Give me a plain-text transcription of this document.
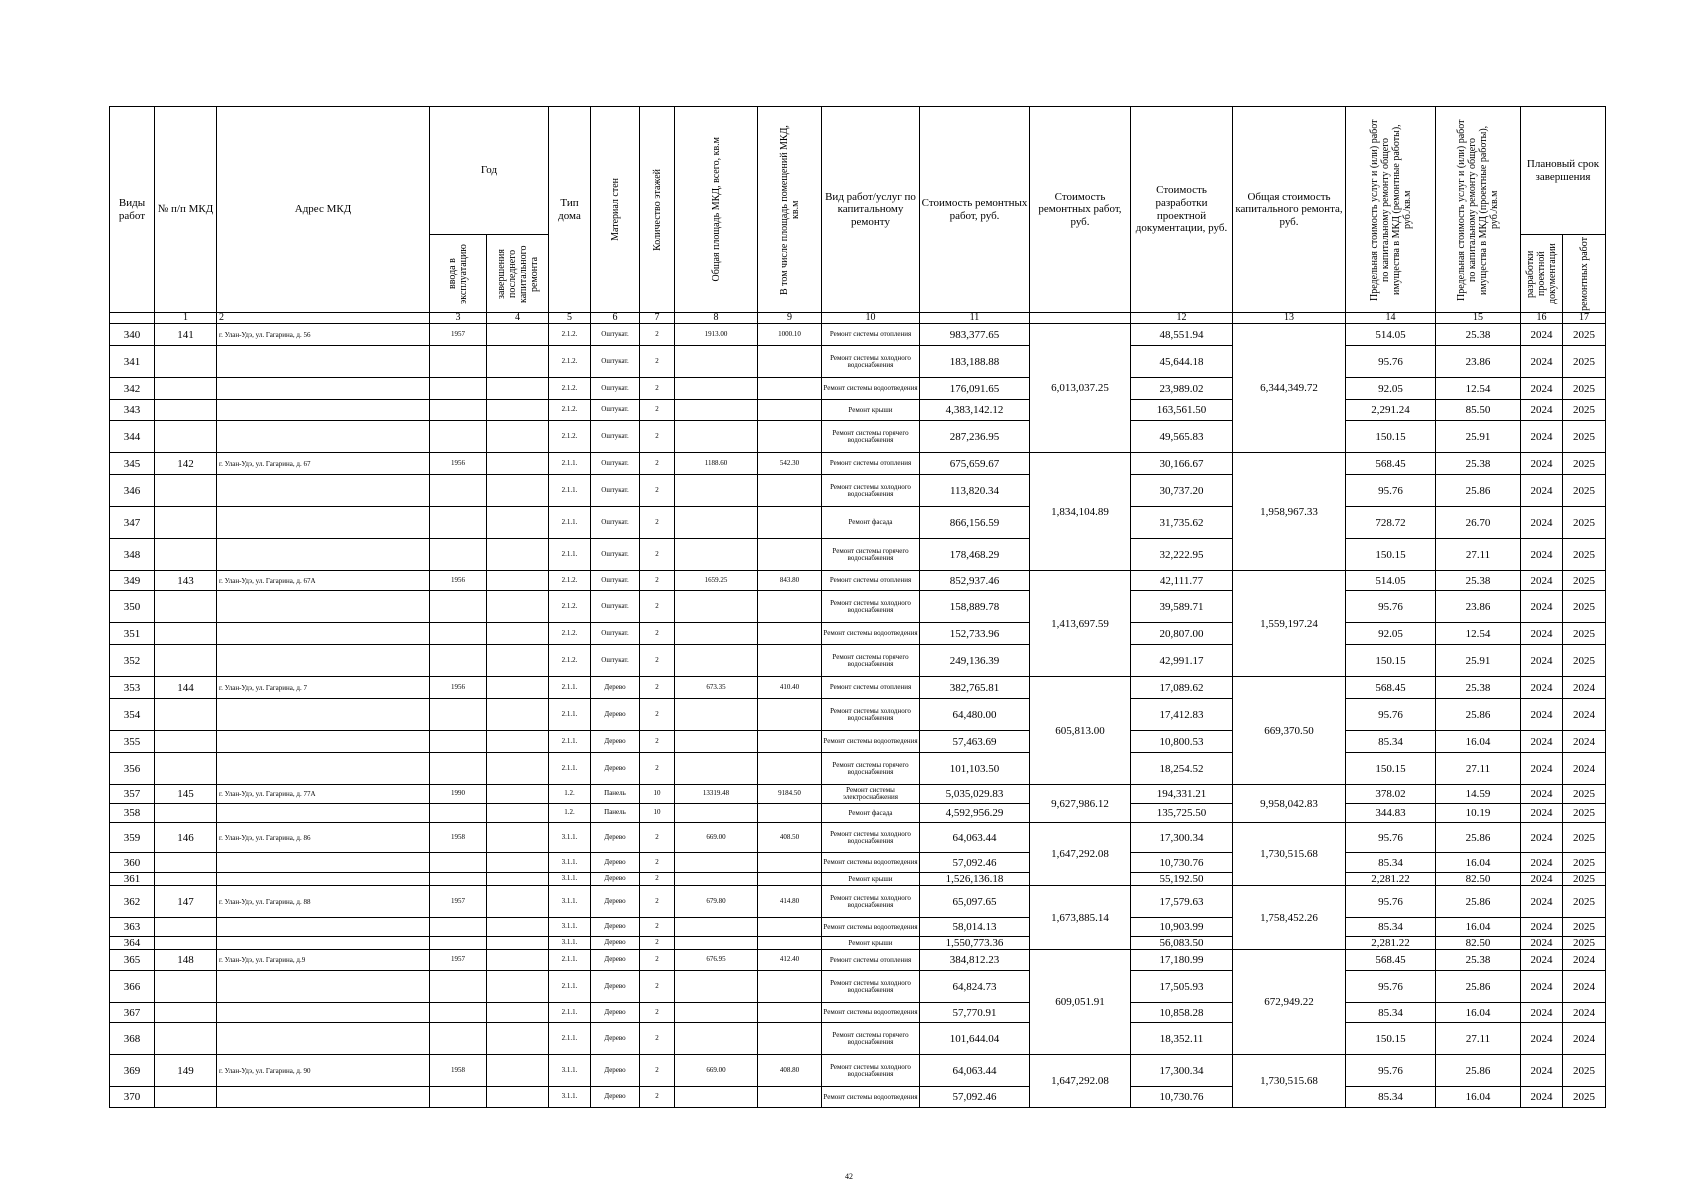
Виды работ	№ п/п МКД	Адрес МКД	Год		Тип дома	Материал стен	Количество этажей	Общая площадь МКД, всего, кв.м	В том числе площадь помещений МКД, кв.м	Вид работ/услуг по капитальному ремонту	Стоимость ремонтных работ, руб.	Стоимость ремонтных работ, руб.	Стоимость разработки проектной документации, руб.	Общая стоимость капитального ремонта, руб.	Предельная стоимость услуг и (или) работ по капитальному ремонту общего имущества в МКД (ремонтные работы), руб./кв.м	Предельная стоимость услуг и (или) работ по капитальному ремонту общего имущества в МКД (проектные работы), руб./кв.м	Плановый срок завершения	

			ввода в эксплуатацию	завершения последнего капитального ремонта													разработки проектной документации	ремонтных работ

	1	2	3	4	5	6	7	8	9	10	11		12	13	14	15	16	17
340	141	г. Улан-Удэ, ул. Гагарина, д. 56	1957		2.1.2.	Оштукат.	2	1913.00	1000.10	Ремонт системы отопления	983,377.65	6,013,037.25	48,551.94	6,344,349.72	514.05	25.38	2024	2025
341					2.1.2.	Оштукат.	2			Ремонт системы холодного водоснабжения	183,188.88		45,644.18		95.76	23.86	2024	2025
342					2.1.2.	Оштукат.	2			Ремонт системы водоотведения	176,091.65		23,989.02		92.05	12.54	2024	2025
343					2.1.2.	Оштукат.	2			Ремонт крыши	4,383,142.12		163,561.50		2,291.24	85.50	2024	2025
344					2.1.2.	Оштукат.	2			Ремонт системы горячего водоснабжения	287,236.95		49,565.83		150.15	25.91	2024	2025
345	142	г. Улан-Удэ, ул. Гагарина, д. 67	1956		2.1.1.	Оштукат.	2	1188.60	542.30	Ремонт системы отопления	675,659.67	1,834,104.89	30,166.67	1,958,967.33	568.45	25.38	2024	2025
346					2.1.1.	Оштукат.	2			Ремонт системы холодного водоснабжения	113,820.34		30,737.20		95.76	25.86	2024	2025
347					2.1.1.	Оштукат.	2			Ремонт фасада	866,156.59		31,735.62		728.72	26.70	2024	2025
348					2.1.1.	Оштукат.	2			Ремонт системы горячего водоснабжения	178,468.29		32,222.95		150.15	27.11	2024	2025
349	143	г. Улан-Удэ, ул. Гагарина, д. 67А	1956		2.1.2.	Оштукат.	2	1659.25	843.80	Ремонт системы отопления	852,937.46	1,413,697.59	42,111.77	1,559,197.24	514.05	25.38	2024	2025
350					2.1.2.	Оштукат.	2			Ремонт системы холодного водоснабжения	158,889.78		39,589.71		95.76	23.86	2024	2025
351					2.1.2.	Оштукат.	2			Ремонт системы водоотведения	152,733.96		20,807.00		92.05	12.54	2024	2025
352					2.1.2.	Оштукат.	2			Ремонт системы горячего водоснабжения	249,136.39		42,991.17		150.15	25.91	2024	2025
353	144	г. Улан-Удэ, ул. Гагарина, д. 7	1956		2.1.1.	Дерево	2	673.35	410.40	Ремонт системы отопления	382,765.81	605,813.00	17,089.62	669,370.50	568.45	25.38	2024	2024
354					2.1.1.	Дерево	2			Ремонт системы холодного водоснабжения	64,480.00		17,412.83		95.76	25.86	2024	2024
355					2.1.1.	Дерево	2			Ремонт системы водоотведения	57,463.69		10,800.53		85.34	16.04	2024	2024
356					2.1.1.	Дерево	2			Ремонт системы горячего водоснабжения	101,103.50		18,254.52		150.15	27.11	2024	2024
357	145	г. Улан-Удэ, ул. Гагарина, д. 77А	1990		1.2.	Панель	10	13319.48	9184.50	Ремонт системы электроснабжения	5,035,029.83	9,627,986.12	194,331.21	9,958,042.83	378.02	14.59	2024	2025
358					1.2.	Панель	10			Ремонт фасада	4,592,956.29		135,725.50		344.83	10.19	2024	2025
359	146	г. Улан-Удэ, ул. Гагарина, д. 86	1958		3.1.1.	Дерево	2	669.00	408.50	Ремонт системы холодного водоснабжения	64,063.44	1,647,292.08	17,300.34	1,730,515.68	95.76	25.86	2024	2025
360					3.1.1.	Дерево	2			Ремонт системы водоотведения	57,092.46		10,730.76		85.34	16.04	2024	2025
361					3.1.1.	Дерево	2			Ремонт крыши	1,526,136.18		55,192.50		2,281.22	82.50	2024	2025
362	147	г. Улан-Удэ, ул. Гагарина, д. 88	1957		3.1.1.	Дерево	2	679.80	414.80	Ремонт системы холодного водоснабжения	65,097.65	1,673,885.14	17,579.63	1,758,452.26	95.76	25.86	2024	2025
363					3.1.1.	Дерево	2			Ремонт системы водоотведения	58,014.13		10,903.99		85.34	16.04	2024	2025
364					3.1.1.	Дерево	2			Ремонт крыши	1,550,773.36		56,083.50		2,281.22	82.50	2024	2025
365	148	г. Улан-Удэ, ул. Гагарина, д.9	1957		2.1.1.	Дерево	2	676.95	412.40	Ремонт системы отопления	384,812.23	609,051.91	17,180.99	672,949.22	568.45	25.38	2024	2024
366					2.1.1.	Дерево	2			Ремонт системы холодного водоснабжения	64,824.73		17,505.93		95.76	25.86	2024	2024
367					2.1.1.	Дерево	2			Ремонт системы водоотведения	57,770.91		10,858.28		85.34	16.04	2024	2024
368					2.1.1.	Дерево	2			Ремонт системы горячего водоснабжения	101,644.04		18,352.11		150.15	27.11	2024	2024
369	149	г. Улан-Удэ, ул. Гагарина, д. 90	1958		3.1.1.	Дерево	2	669.00	408.80	Ремонт системы холодного водоснабжения	64,063.44	1,647,292.08	17,300.34	1,730,515.68	95.76	25.86	2024	2025
370					3.1.1.	Дерево	2			Ремонт системы водоотведения	57,092.46		10,730.76		85.34	16.04	2024	2025
42
